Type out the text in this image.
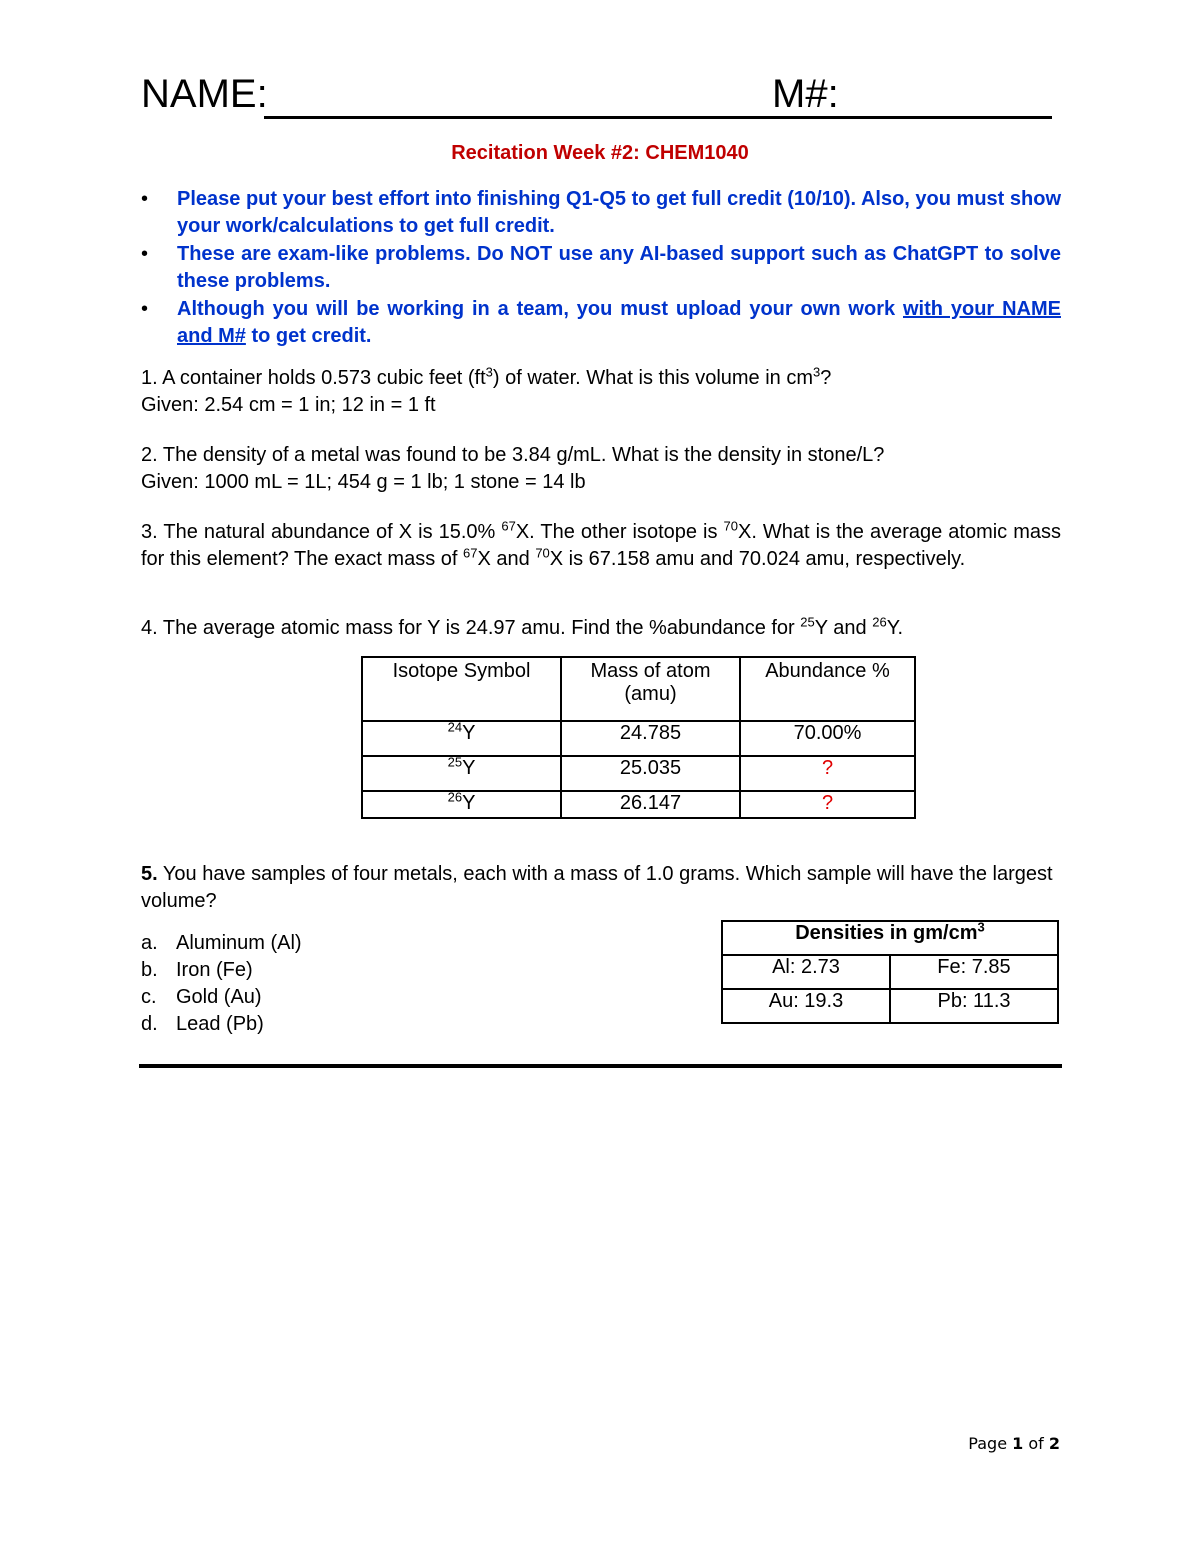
NAME:	M#:
Recitation Week #2: CHEM1040
• Please put your best effort into finishing Q1-Q5 to get full credit (10/10). Also, you must show your work/calculations to get full credit.
• These are exam-like problems. Do NOT use any AI-based support such as ChatGPT to solve these problems.
• Although you will be working in a team, you must upload your own work with your NAME and M# to get credit.
1. A container holds 0.573 cubic feet $(ft^3)$ of water. What is this volume in $cm^3$?
Given: 2.54 cm = 1 in; 12 in = 1 ft
2. The density of a metal was found to be 3.84 g/mL. What is the density in stone/L?
Given: 1000 mL = 1L; 454 g = 1 lb; 1 stone = 14 lb
3. The natural abundance of X is 15.0% $^{67}$X. The other isotope is $^{70}$X. What is the average atomic mass for this element? The exact mass of $^{67}$X and $^{70}$X is 67.158 amu and 70.024 amu, respectively.
4. The average atomic mass for Y is 24.97 amu. Find the %abundance for $^{25}$Y and $^{26}$Y.
Isotope Symbol	Mass of atom (amu)	Abundance %
$^{24}$Y	24.785	70.00%
$^{25}$Y	25.035	?
$^{26}$Y	26.147	?
5. You have samples of four metals, each with a mass of 1.0 grams. Which sample will have the largest volume?
a. Aluminum (Al)
b. Iron (Fe)
c. Gold (Au)
d. Lead (Pb)
Densities in $gm/cm^3$
Al: 2.73	Fe: 7.85
Au: 19.3	Pb: 11.3
Page 1 of 2
